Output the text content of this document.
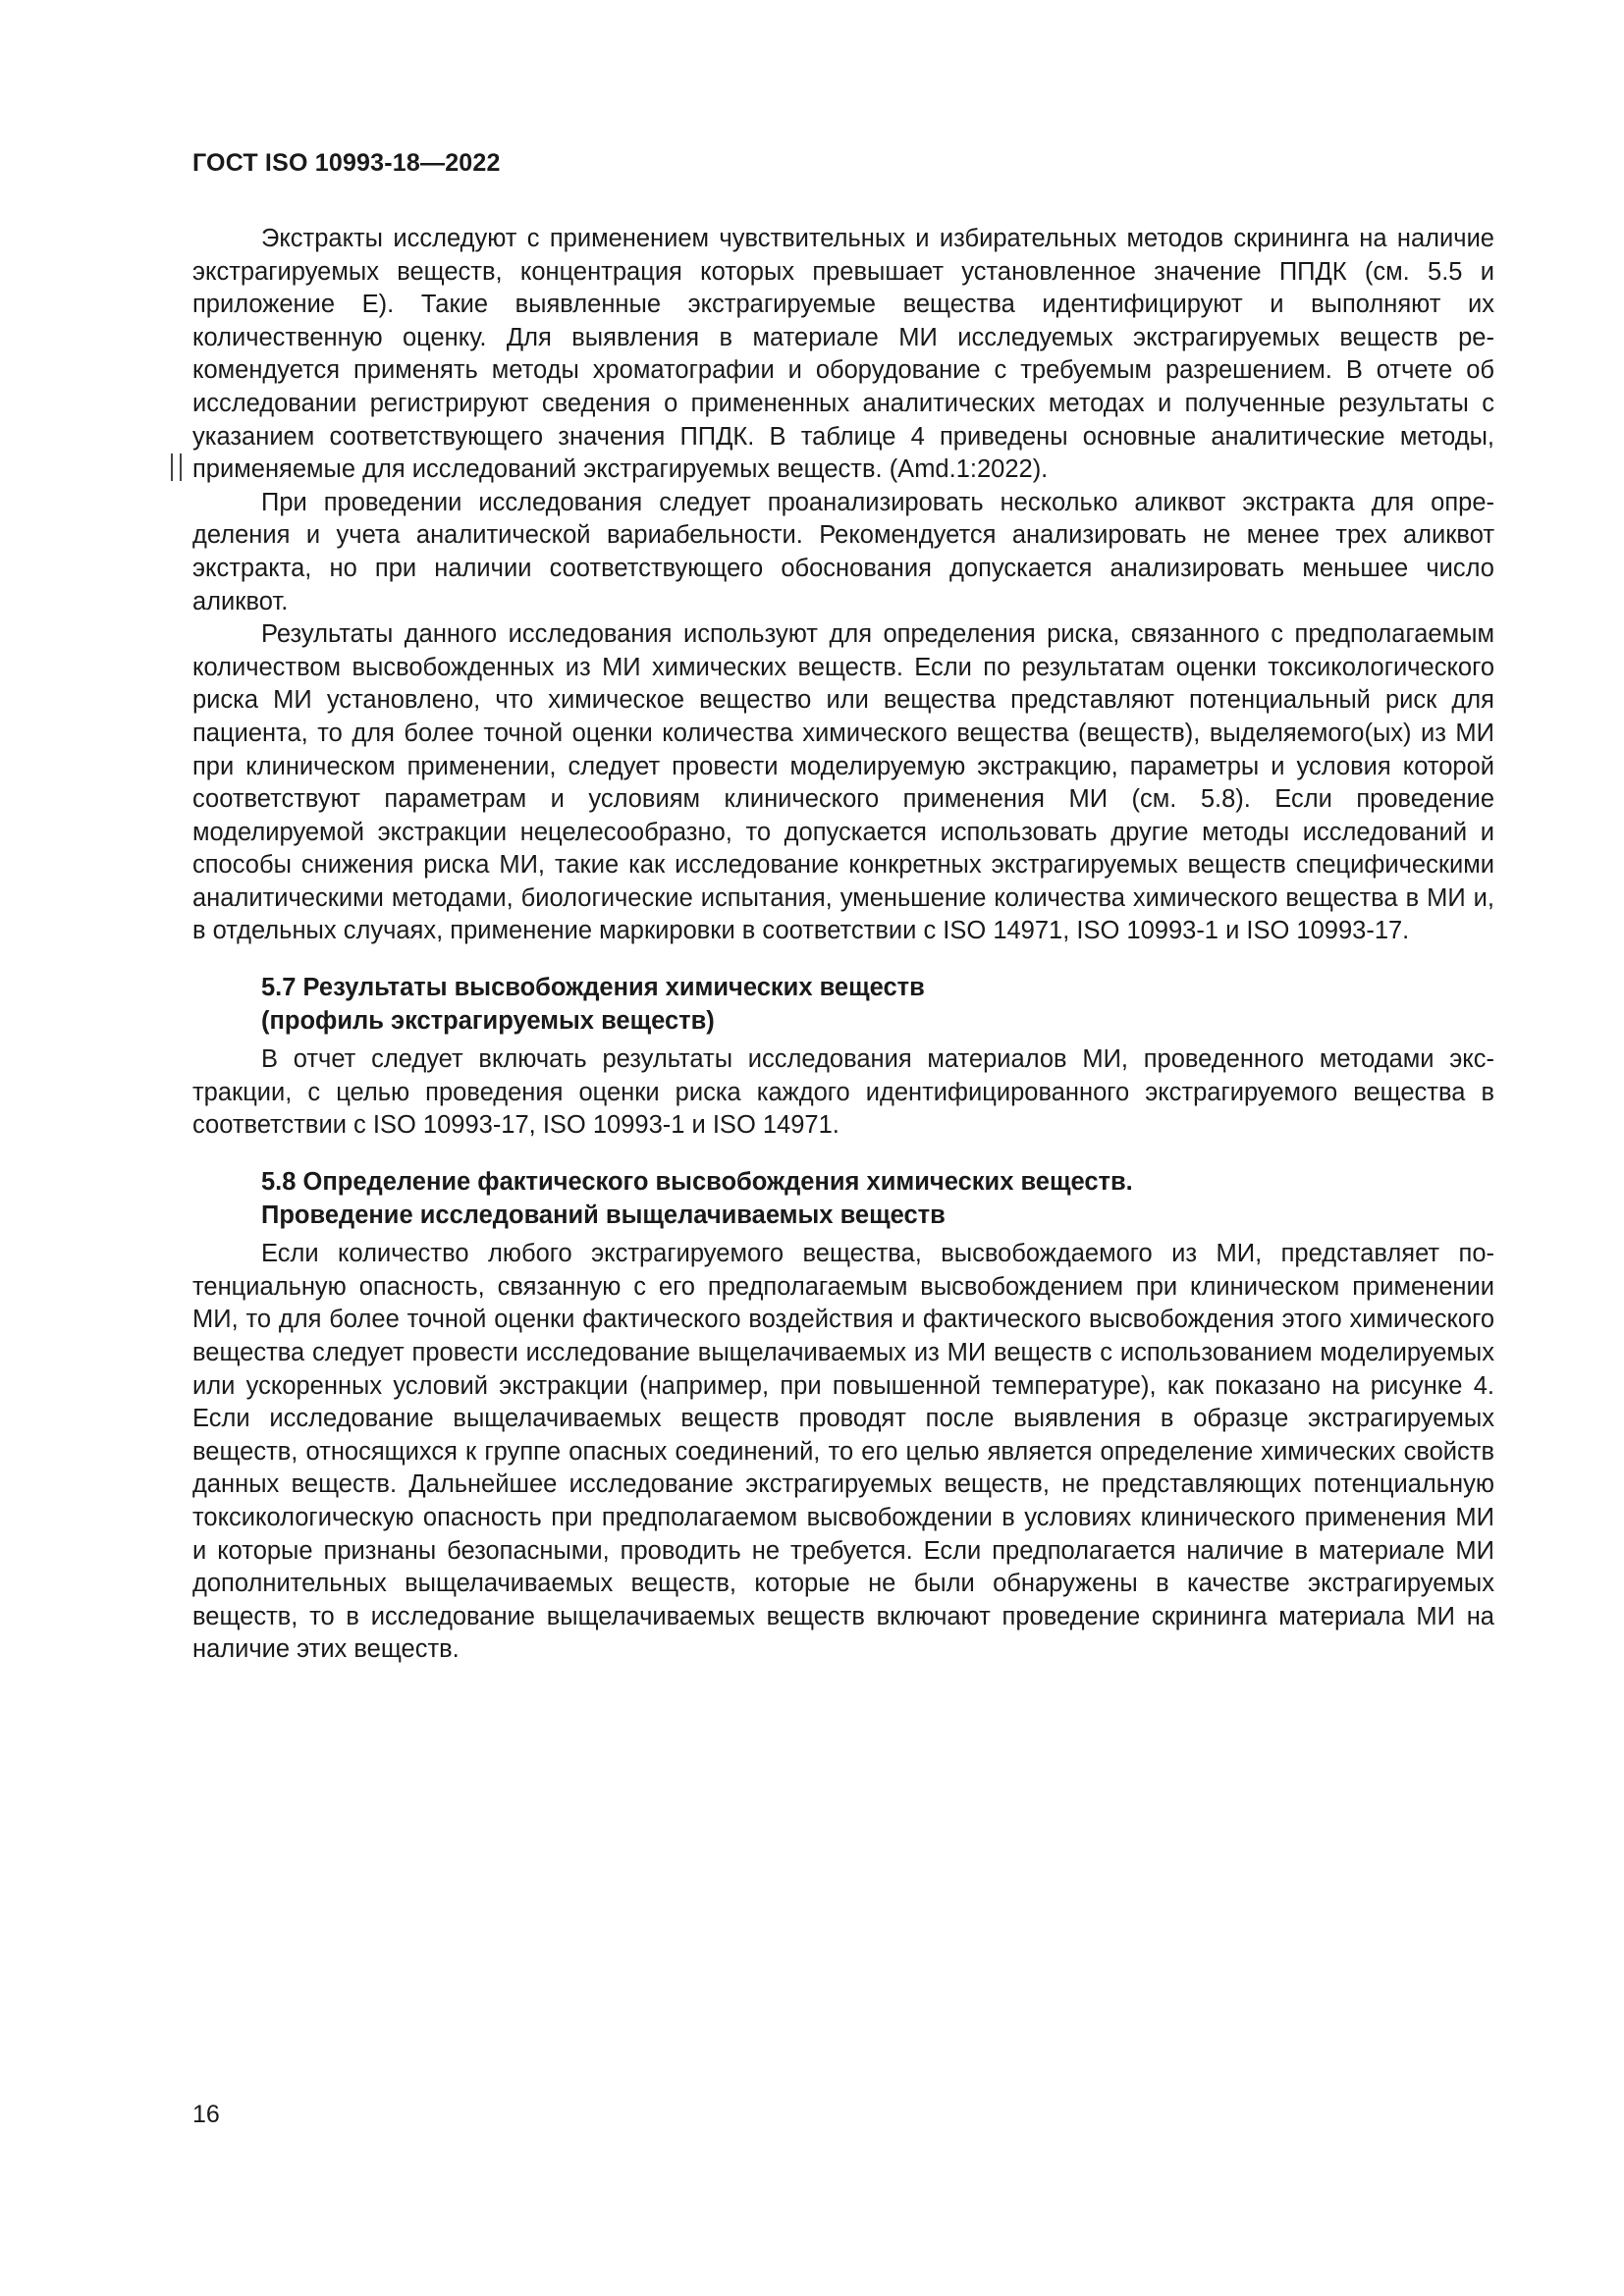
ГОСТ ISO 10993-18—2022

Экстракты исследуют с применением чувствительных и избирательных методов скрининга на наличие экстрагируемых веществ, концентрация которых превышает установленное значение ППДК (см. 5.5 и приложение Е). Такие выявленные экстрагируемые вещества идентифицируют и выполняют их количественную оценку. Для выявления в материале МИ исследуемых экстрагируемых веществ рекомендуется применять методы хроматографии и оборудование с требуемым разрешением. В отчете об исследовании регистрируют сведения о примененных аналитических методах и полученные результаты с указанием соответствующего значения ППДК. В таблице 4 приведены основные аналитические методы, применяемые для исследований экстрагируемых веществ. (Amd.1:2022).

При проведении исследования следует проанализировать несколько аликвот экстракта для определения и учета аналитической вариабельности. Рекомендуется анализировать не менее трех аликвот экстракта, но при наличии соответствующего обоснования допускается анализировать меньшее число аликвот.

Результаты данного исследования используют для определения риска, связанного с предполагаемым количеством высвобожденных из МИ химических веществ. Если по результатам оценки токсикологического риска МИ установлено, что химическое вещество или вещества представляют потенциальный риск для пациента, то для более точной оценки количества химического вещества (веществ), выделяемого(ых) из МИ при клиническом применении, следует провести моделируемую экстракцию, параметры и условия которой соответствуют параметрам и условиям клинического применения МИ (см. 5.8). Если проведение моделируемой экстракции нецелесообразно, то допускается использовать другие методы исследований и способы снижения риска МИ, такие как исследование конкретных экстрагируемых веществ специфическими аналитическими методами, биологические испытания, уменьшение количества химического вещества в МИ и, в отдельных случаях, применение маркировки в соответствии с ISO 14971, ISO 10993-1 и ISO 10993-17.

5.7 Результаты высвобождения химических веществ
(профиль экстрагируемых веществ)

В отчет следует включать результаты исследования материалов МИ, проведенного методами экстракции, с целью проведения оценки риска каждого идентифицированного экстрагируемого вещества в соответствии с ISO 10993-17, ISO 10993-1 и ISO 14971.

5.8 Определение фактического высвобождения химических веществ.
Проведение исследований выщелачиваемых веществ

Если количество любого экстрагируемого вещества, высвобождаемого из МИ, представляет потенциальную опасность, связанную с его предполагаемым высвобождением при клиническом применении МИ, то для более точной оценки фактического воздействия и фактического высвобождения этого химического вещества следует провести исследование выщелачиваемых из МИ веществ с использованием моделируемых или ускоренных условий экстракции (например, при повышенной температуре), как показано на рисунке 4. Если исследование выщелачиваемых веществ проводят после выявления в образце экстрагируемых веществ, относящихся к группе опасных соединений, то его целью является определение химических свойств данных веществ. Дальнейшее исследование экстрагируемых веществ, не представляющих потенциальную токсикологическую опасность при предполагаемом высвобождении в условиях клинического применения МИ и которые признаны безопасными, проводить не требуется. Если предполагается наличие в материале МИ дополнительных выщелачиваемых веществ, которые не были обнаружены в качестве экстрагируемых веществ, то в исследование выщелачиваемых веществ включают проведение скрининга материала МИ на наличие этих веществ.

16
